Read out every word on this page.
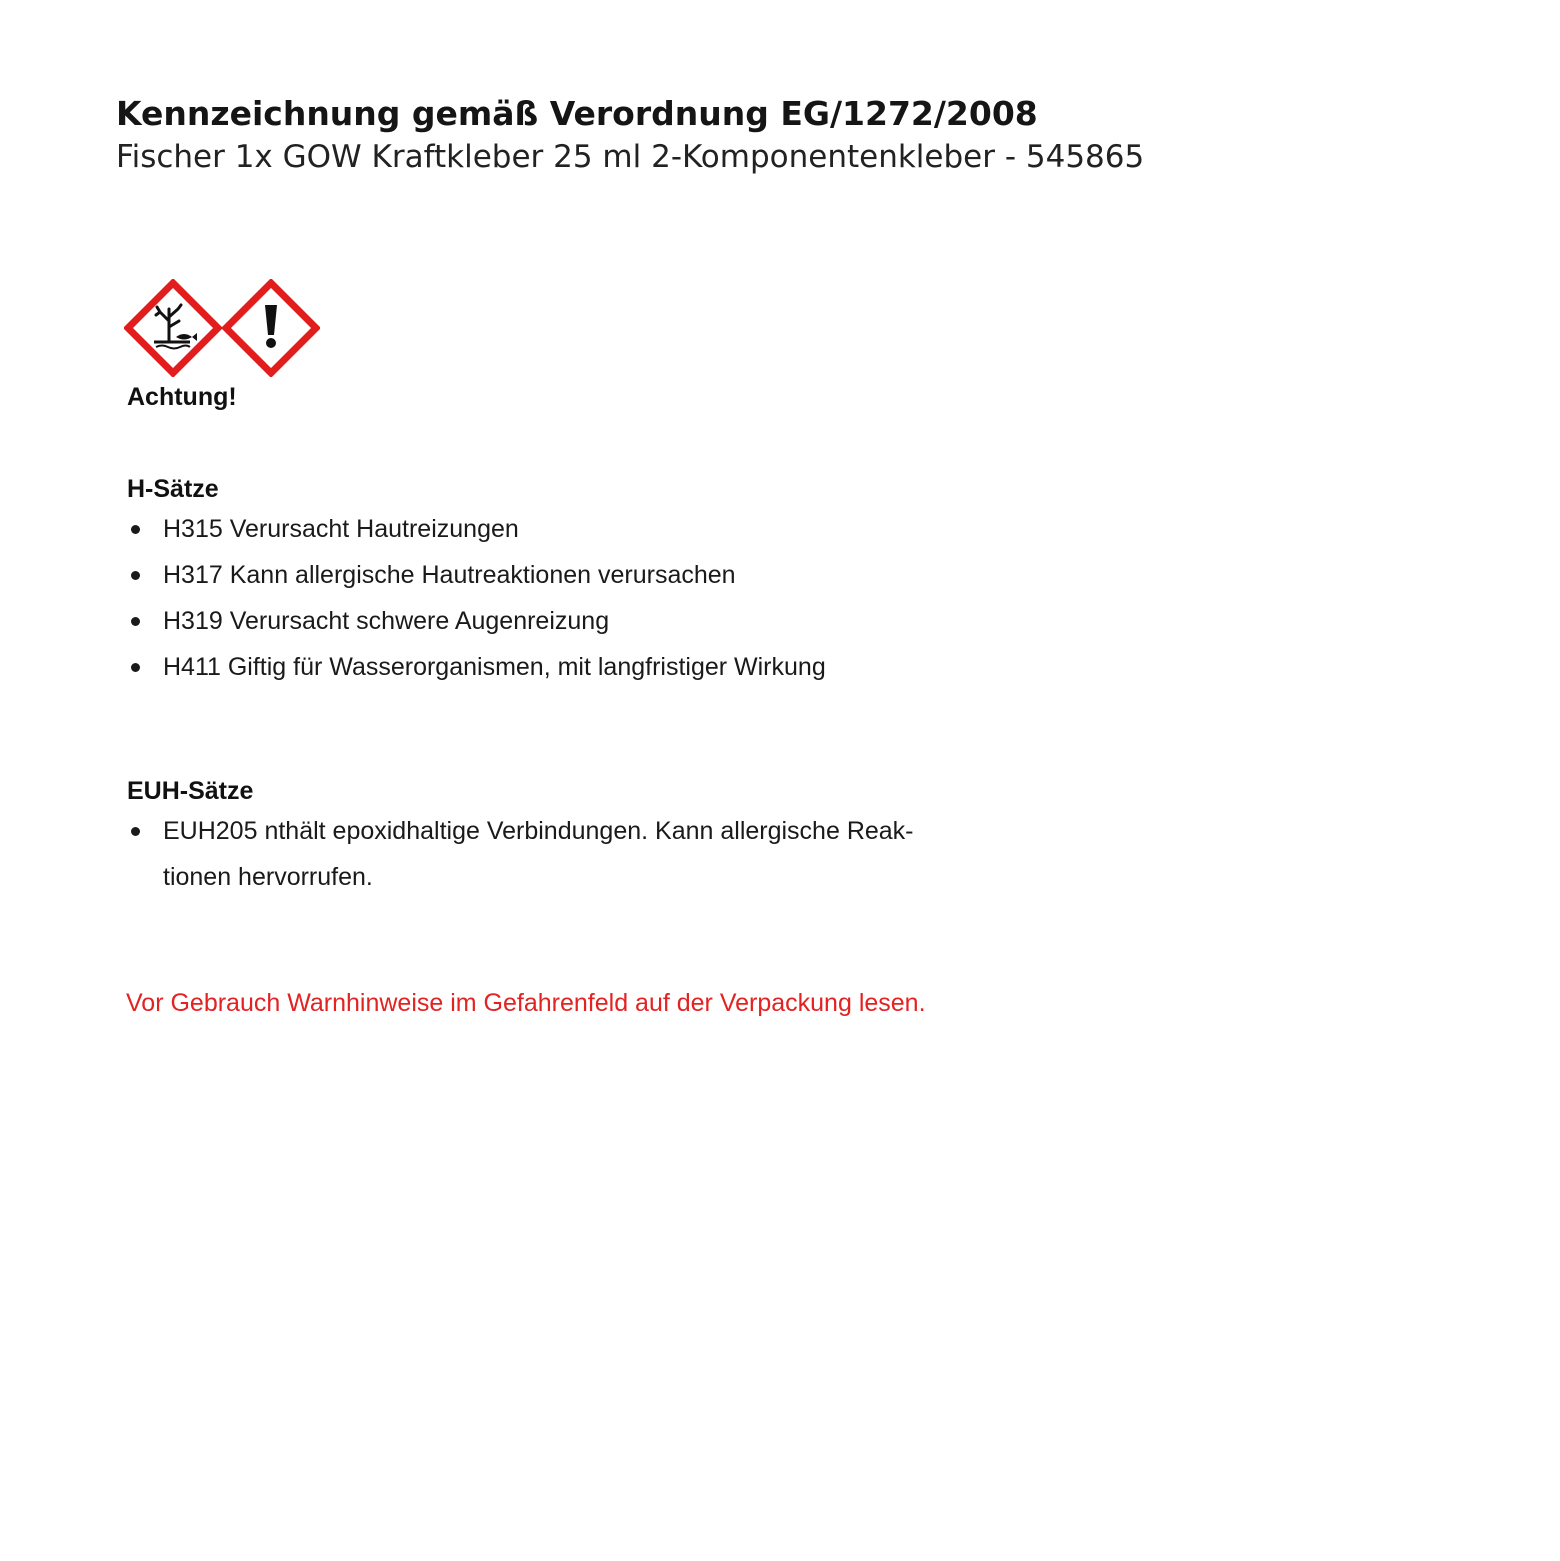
Kennzeichnung gemäß Verordnung EG/1272/2008
Fischer 1x GOW Kraftkleber 25 ml 2-Komponentenkleber - 545865
Achtung!
H-Sätze
H315 Verursacht Hautreizungen
H317 Kann allergische Hautreaktionen verursachen
H319 Verursacht schwere Augenreizung
H411 Giftig für Wasserorganismen, mit langfristiger Wirkung
EUH-Sätze
EUH205 nthält epoxidhaltige Verbindungen. Kann allergische Reak-tionen hervorrufen.
Vor Gebrauch Warnhinweise im Gefahrenfeld auf der Verpackung lesen.
